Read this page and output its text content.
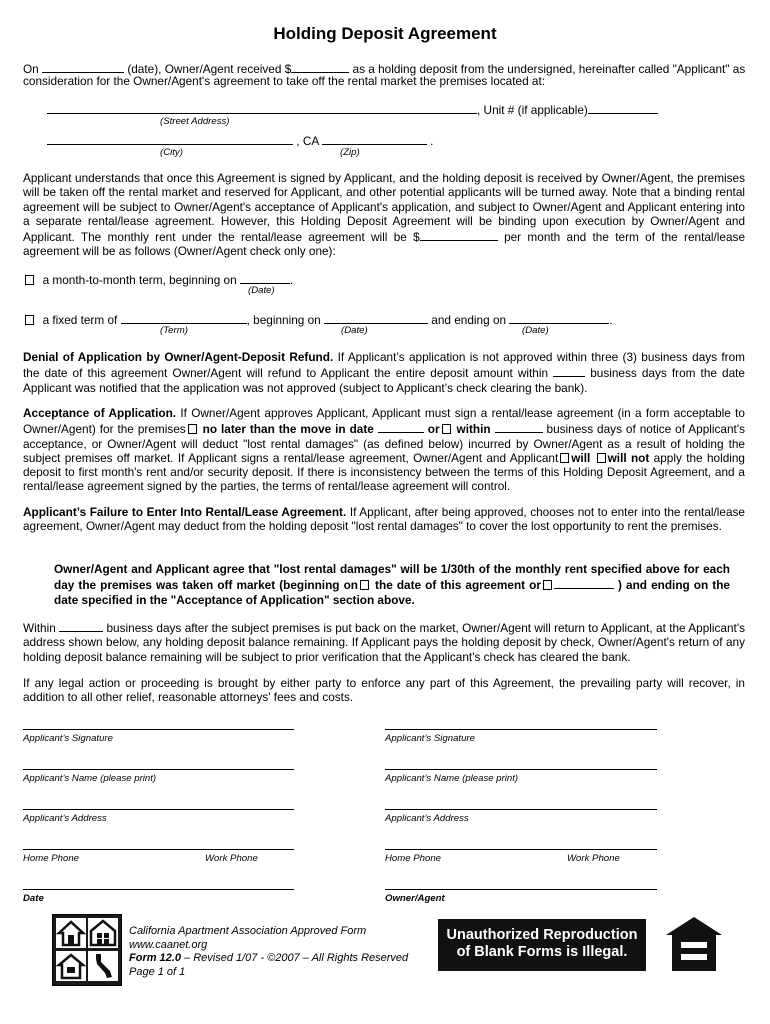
Holding Deposit Agreement
On	(date), Owner/Agent received $	as a holding deposit from the undersigned, hereinafter called "Applicant" as
consideration for the Owner/Agent's agreement to take off the rental market the premises located at:
, Unit # (if applicable)
(Street Address)
, CA	.
(City)	(Zip)

Applicant understands that once this Agreement is signed by Applicant, and the holding deposit is received by Owner/Agent, the premises will be taken off the rental market and reserved for Applicant, and other potential applicants will be turned away. Note that a binding rental agreement will be subject to Owner/Agent's acceptance of Applicant's application, and subject to Owner/Agent and Applicant entering into a separate rental/lease agreement. However, this Holding Deposit Agreement will be binding upon execution by Owner/Agent and Applicant. The monthly rent under the rental/lease agreement will be $	per month and the term of the rental/lease agreement will be as follows (Owner/Agent check only one):

a month-to-month term, beginning on	.
(Date)
a fixed term of	, beginning on	and ending on	.
(Term)	(Date)	(Date)

Denial of Application by Owner/Agent-Deposit Refund. If Applicant’s application is not approved within three (3) business days from the date of this agreement Owner/Agent will refund to Applicant the entire deposit amount within	business days from the date Applicant was notified that the application was not approved (subject to Applicant’s check clearing the bank).

Acceptance of Application. If Owner/Agent approves Applicant, Applicant must sign a rental/lease agreement (in a form acceptable to Owner/Agent) for the premises no later than the move in date	or within	business days of notice of Applicant's acceptance, or Owner/Agent will deduct "lost rental damages" (as defined below) incurred by Owner/Agent as a result of holding the subject premises off market. If Applicant signs a rental/lease agreement, Owner/Agent and Applicant will will not apply the holding deposit to first month's rent and/or security deposit. If there is inconsistency between the terms of this Holding Deposit Agreement, and a rental/lease agreement signed by the parties, the terms of rental/lease agreement will control.

Applicant’s Failure to Enter Into Rental/Lease Agreement. If Applicant, after being approved, chooses not to enter into the rental/lease agreement, Owner/Agent may deduct from the holding deposit "lost rental damages" to cover the lost opportunity to rent the premises.

Owner/Agent and Applicant agree that "lost rental damages" will be 1/30th of the monthly rent specified above for each day the premises was taken off market (beginning on the date of this agreement or	) and ending on the date specified in the "Acceptance of Application" section above.

Within	business days after the subject premises is put back on the market, Owner/Agent will return to Applicant, at the Applicant's address shown below, any holding deposit balance remaining. If Applicant pays the holding deposit by check, Owner/Agent's return of any holding deposit balance remaining will be subject to prior verification that the Applicant's check has cleared the bank.

If any legal action or proceeding is brought by either party to enforce any part of this Agreement, the prevailing party will recover, in addition to all other relief, reasonable attorneys' fees and costs.

Applicant’s Signature	Applicant’s Signature
Applicant’s Name (please print)	Applicant’s Name (please print)
Applicant’s Address	Applicant’s Address
Home Phone	Work Phone	Home Phone	Work Phone
Date	Owner/Agent
California Apartment Association Approved Form
www.caanet.org
Form 12.0 – Revised 1/07 - ©2007 – All Rights Reserved
Page 1 of 1
Unauthorized Reproduction
of Blank Forms is Illegal.
